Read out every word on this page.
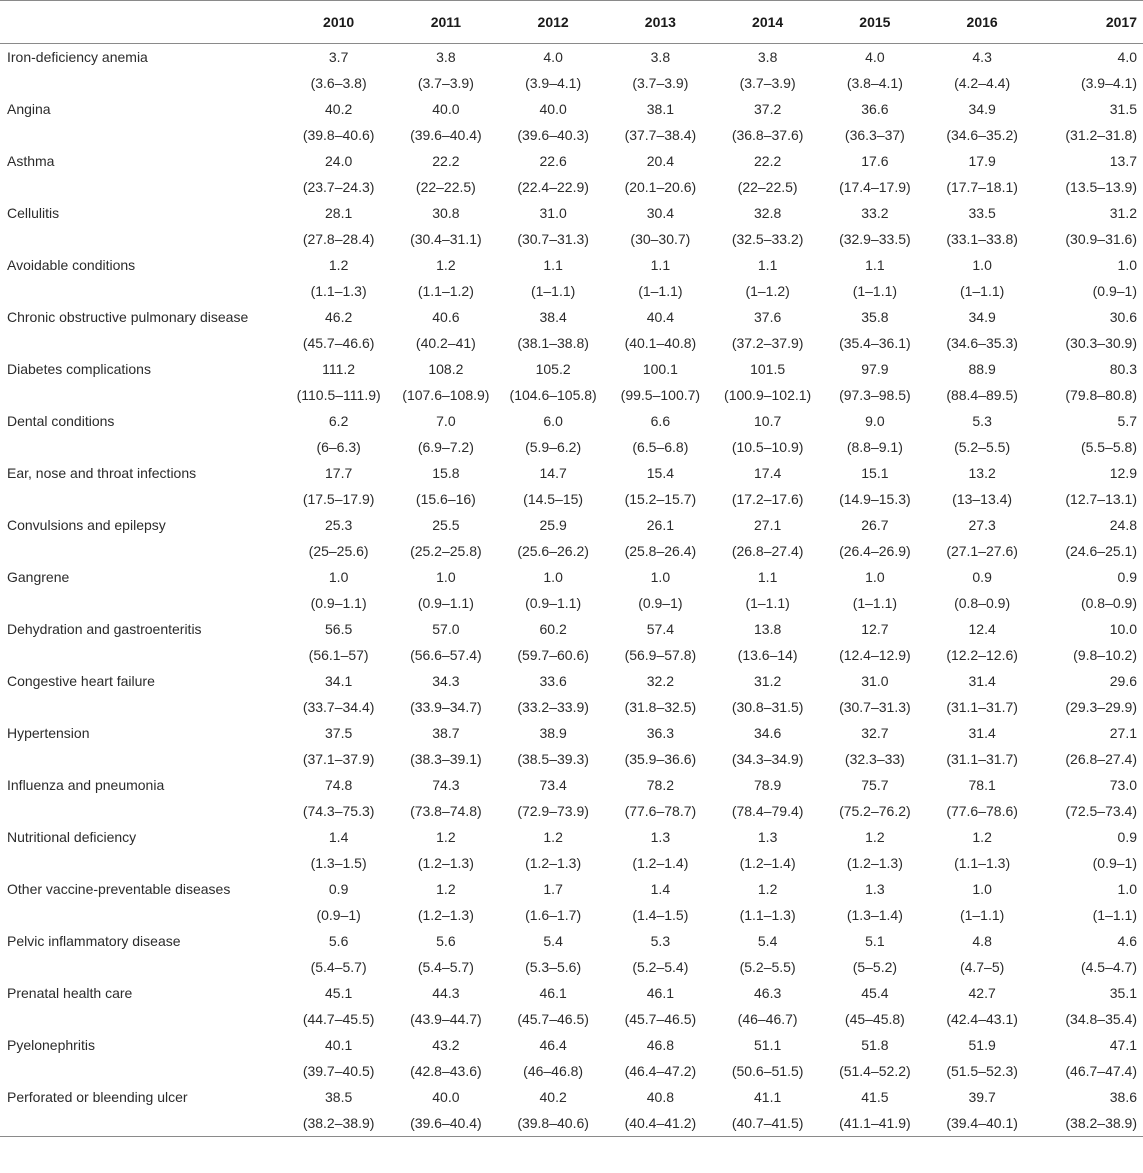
	2010	2011	2012	2013	2014	2015	2016	2017
Iron-deficiency anemia	3.7	3.8	4.0	3.8	3.8	4.0	4.3	4.0
	(3.6–3.8)	(3.7–3.9)	(3.9–4.1)	(3.7–3.9)	(3.7–3.9)	(3.8–4.1)	(4.2–4.4)	(3.9–4.1)
Angina	40.2	40.0	40.0	38.1	37.2	36.6	34.9	31.5
	(39.8–40.6)	(39.6–40.4)	(39.6–40.3)	(37.7–38.4)	(36.8–37.6)	(36.3–37)	(34.6–35.2)	(31.2–31.8)
Asthma	24.0	22.2	22.6	20.4	22.2	17.6	17.9	13.7
	(23.7–24.3)	(22–22.5)	(22.4–22.9)	(20.1–20.6)	(22–22.5)	(17.4–17.9)	(17.7–18.1)	(13.5–13.9)
Cellulitis	28.1	30.8	31.0	30.4	32.8	33.2	33.5	31.2
	(27.8–28.4)	(30.4–31.1)	(30.7–31.3)	(30–30.7)	(32.5–33.2)	(32.9–33.5)	(33.1–33.8)	(30.9–31.6)
Avoidable conditions	1.2	1.2	1.1	1.1	1.1	1.1	1.0	1.0
	(1.1–1.3)	(1.1–1.2)	(1–1.1)	(1–1.1)	(1–1.2)	(1–1.1)	(1–1.1)	(0.9–1)
Chronic obstructive pulmonary disease	46.2	40.6	38.4	40.4	37.6	35.8	34.9	30.6
	(45.7–46.6)	(40.2–41)	(38.1–38.8)	(40.1–40.8)	(37.2–37.9)	(35.4–36.1)	(34.6–35.3)	(30.3–30.9)
Diabetes complications	111.2	108.2	105.2	100.1	101.5	97.9	88.9	80.3
	(110.5–111.9)	(107.6–108.9)	(104.6–105.8)	(99.5–100.7)	(100.9–102.1)	(97.3–98.5)	(88.4–89.5)	(79.8–80.8)
Dental conditions	6.2	7.0	6.0	6.6	10.7	9.0	5.3	5.7
	(6–6.3)	(6.9–7.2)	(5.9–6.2)	(6.5–6.8)	(10.5–10.9)	(8.8–9.1)	(5.2–5.5)	(5.5–5.8)
Ear, nose and throat infections	17.7	15.8	14.7	15.4	17.4	15.1	13.2	12.9
	(17.5–17.9)	(15.6–16)	(14.5–15)	(15.2–15.7)	(17.2–17.6)	(14.9–15.3)	(13–13.4)	(12.7–13.1)
Convulsions and epilepsy	25.3	25.5	25.9	26.1	27.1	26.7	27.3	24.8
	(25–25.6)	(25.2–25.8)	(25.6–26.2)	(25.8–26.4)	(26.8–27.4)	(26.4–26.9)	(27.1–27.6)	(24.6–25.1)
Gangrene	1.0	1.0	1.0	1.0	1.1	1.0	0.9	0.9
	(0.9–1.1)	(0.9–1.1)	(0.9–1.1)	(0.9–1)	(1–1.1)	(1–1.1)	(0.8–0.9)	(0.8–0.9)
Dehydration and gastroenteritis	56.5	57.0	60.2	57.4	13.8	12.7	12.4	10.0
	(56.1–57)	(56.6–57.4)	(59.7–60.6)	(56.9–57.8)	(13.6–14)	(12.4–12.9)	(12.2–12.6)	(9.8–10.2)
Congestive heart failure	34.1	34.3	33.6	32.2	31.2	31.0	31.4	29.6
	(33.7–34.4)	(33.9–34.7)	(33.2–33.9)	(31.8–32.5)	(30.8–31.5)	(30.7–31.3)	(31.1–31.7)	(29.3–29.9)
Hypertension	37.5	38.7	38.9	36.3	34.6	32.7	31.4	27.1
	(37.1–37.9)	(38.3–39.1)	(38.5–39.3)	(35.9–36.6)	(34.3–34.9)	(32.3–33)	(31.1–31.7)	(26.8–27.4)
Influenza and pneumonia	74.8	74.3	73.4	78.2	78.9	75.7	78.1	73.0
	(74.3–75.3)	(73.8–74.8)	(72.9–73.9)	(77.6–78.7)	(78.4–79.4)	(75.2–76.2)	(77.6–78.6)	(72.5–73.4)
Nutritional deficiency	1.4	1.2	1.2	1.3	1.3	1.2	1.2	0.9
	(1.3–1.5)	(1.2–1.3)	(1.2–1.3)	(1.2–1.4)	(1.2–1.4)	(1.2–1.3)	(1.1–1.3)	(0.9–1)
Other vaccine-preventable diseases	0.9	1.2	1.7	1.4	1.2	1.3	1.0	1.0
	(0.9–1)	(1.2–1.3)	(1.6–1.7)	(1.4–1.5)	(1.1–1.3)	(1.3–1.4)	(1–1.1)	(1–1.1)
Pelvic inflammatory disease	5.6	5.6	5.4	5.3	5.4	5.1	4.8	4.6
	(5.4–5.7)	(5.4–5.7)	(5.3–5.6)	(5.2–5.4)	(5.2–5.5)	(5–5.2)	(4.7–5)	(4.5–4.7)
Prenatal health care	45.1	44.3	46.1	46.1	46.3	45.4	42.7	35.1
	(44.7–45.5)	(43.9–44.7)	(45.7–46.5)	(45.7–46.5)	(46–46.7)	(45–45.8)	(42.4–43.1)	(34.8–35.4)
Pyelonephritis	40.1	43.2	46.4	46.8	51.1	51.8	51.9	47.1
	(39.7–40.5)	(42.8–43.6)	(46–46.8)	(46.4–47.2)	(50.6–51.5)	(51.4–52.2)	(51.5–52.3)	(46.7–47.4)
Perforated or bleending ulcer	38.5	40.0	40.2	40.8	41.1	41.5	39.7	38.6
	(38.2–38.9)	(39.6–40.4)	(39.8–40.6)	(40.4–41.2)	(40.7–41.5)	(41.1–41.9)	(39.4–40.1)	(38.2–38.9)
